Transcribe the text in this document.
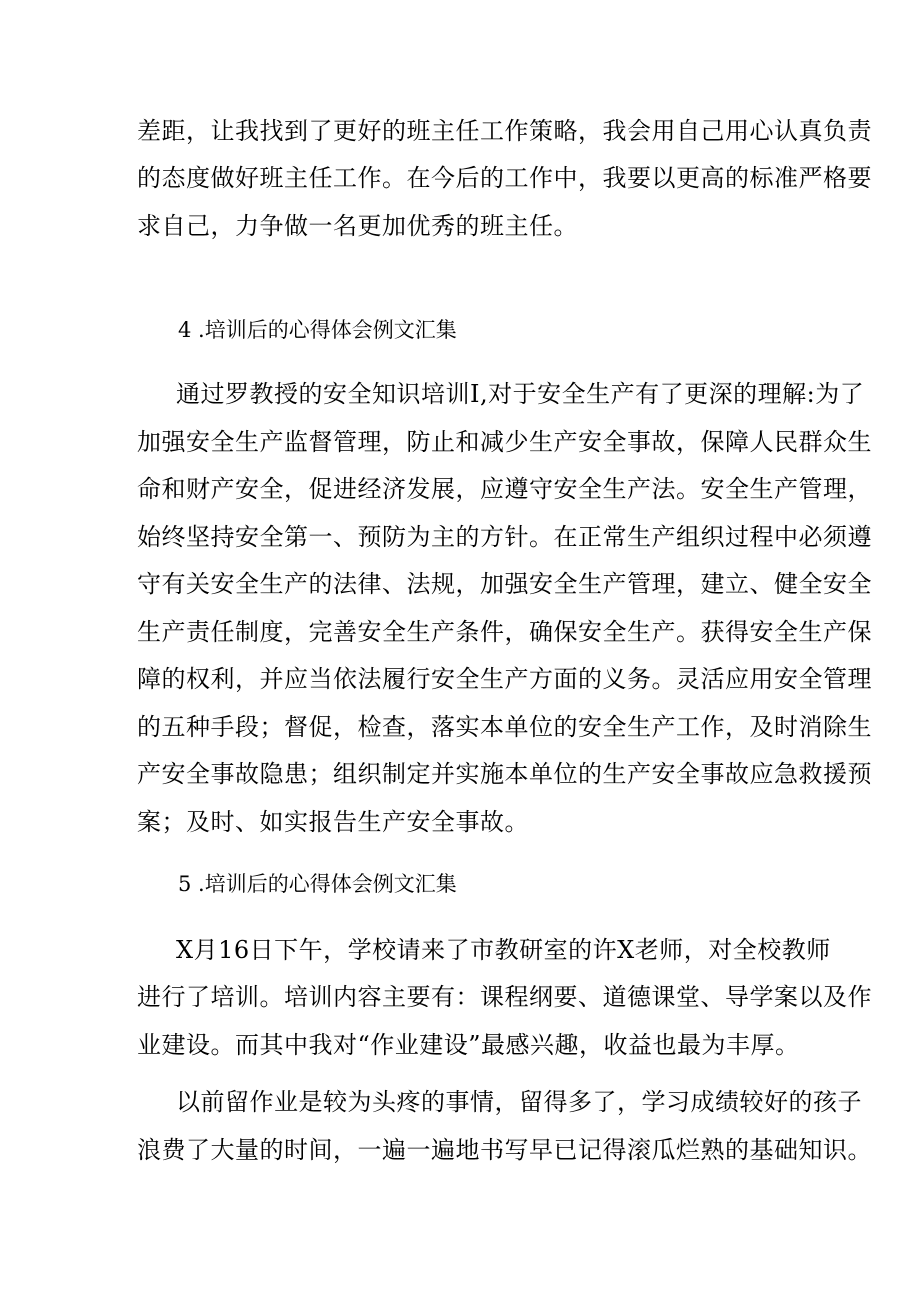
差距，让我找到了更好的班主任工作策略，我会用自己用心认真负责
的态度做好班主任工作。在今后的工作中，我要以更高的标准严格要
求自己，力争做一名更加优秀的班主任。
4 .培训后的心得体会例文汇集
通过罗教授的安全知识培训I,对于安全生产有了更深的理解:为了
加强安全生产监督管理，防止和减少生产安全事故，保障人民群众生
命和财产安全，促进经济发展，应遵守安全生产法。安全生产管理，
始终坚持安全第一、预防为主的方针。在正常生产组织过程中必须遵
守有关安全生产的法律、法规，加强安全生产管理，建立、健全安全
生产责任制度，完善安全生产条件，确保安全生产。获得安全生产保
障的权利，并应当依法履行安全生产方面的义务。灵活应用安全管理
的五种手段；督促，检查，落实本单位的安全生产工作，及时消除生
产安全事故隐患；组织制定并实施本单位的生产安全事故应急救援预
案；及时、如实报告生产安全事故。
5 .培训后的心得体会例文汇集
X月16日下午，学校请来了市教研室的许X老师，对全校教师
进行了培训。培训内容主要有：课程纲要、道德课堂、导学案以及作
业建设。而其中我对“作业建设”最感兴趣，收益也最为丰厚。
以前留作业是较为头疼的事情，留得多了，学习成绩较好的孩子
浪费了大量的时间，一遍一遍地书写早已记得滚瓜烂熟的基础知识。
